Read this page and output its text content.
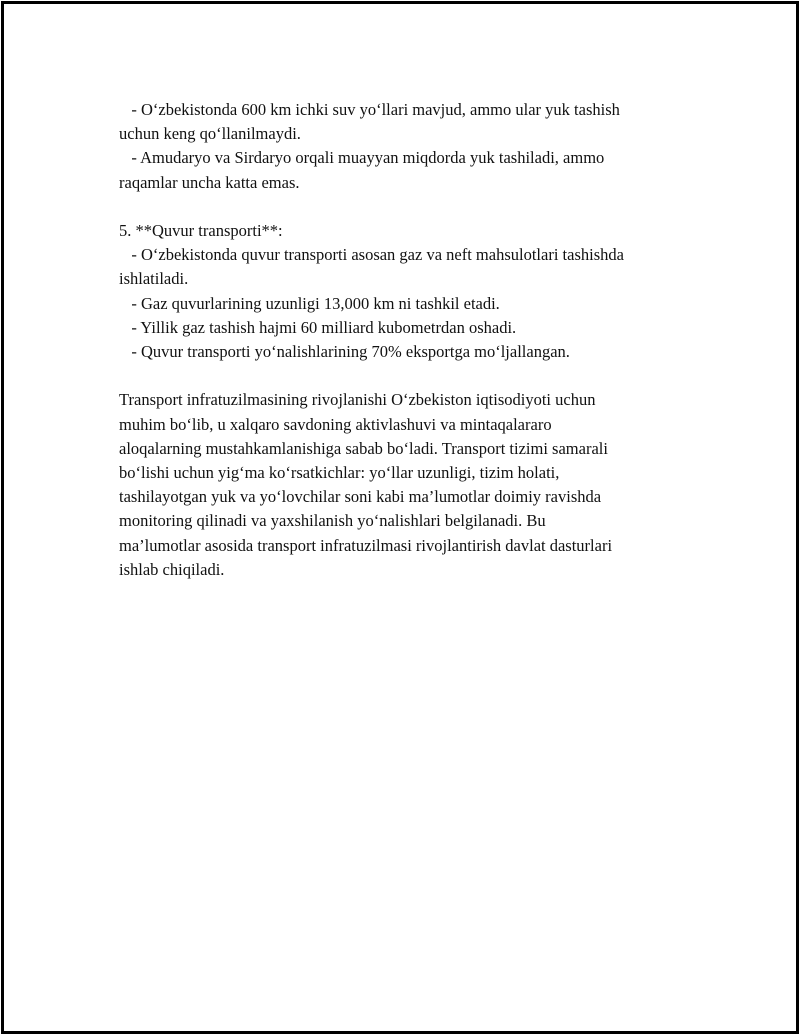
- O‘zbekistonda 600 km ichki suv yo‘llari mavjud, ammo ular yuk tashish
uchun keng qo‘llanilmaydi.
- Amudaryo va Sirdaryo orqali muayyan miqdorda yuk tashiladi, ammo
raqamlar uncha katta emas.
5. **Quvur transporti**:
- O‘zbekistonda quvur transporti asosan gaz va neft mahsulotlari tashishda
ishlatiladi.
- Gaz quvurlarining uzunligi 13,000 km ni tashkil etadi.
- Yillik gaz tashish hajmi 60 milliard kubometrdan oshadi.
- Quvur transporti yo‘nalishlarining 70% eksportga mo‘ljallangan.
Transport infratuzilmasining rivojlanishi O‘zbekiston iqtisodiyoti uchun
muhim bo‘lib, u xalqaro savdoning aktivlashuvi va mintaqalararo
aloqalarning mustahkamlanishiga sabab bo‘ladi. Transport tizimi samarali
bo‘lishi uchun yig‘ma ko‘rsatkichlar: yo‘llar uzunligi, tizim holati,
tashilayotgan yuk va yo‘lovchilar soni kabi ma’lumotlar doimiy ravishda
monitoring qilinadi va yaxshilanish yo‘nalishlari belgilanadi. Bu
ma’lumotlar asosida transport infratuzilmasi rivojlantirish davlat dasturlari
ishlab chiqiladi.
